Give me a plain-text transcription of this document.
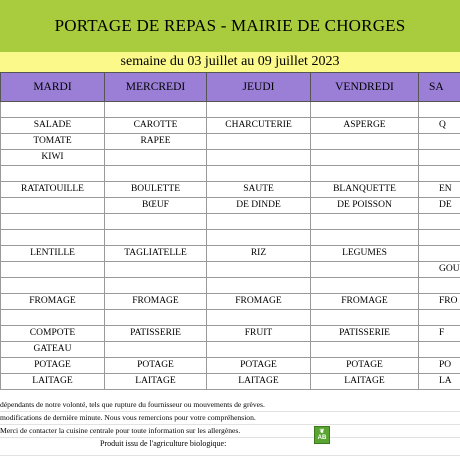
PORTAGE DE REPAS - MAIRIE DE CHORGES
semaine du 03 juillet au 09 juillet 2023
MARDI	MERCREDI	JEUDI	VENDREDI	SA

SALADE	CAROTTE	CHARCUTERIE	ASPERGE	Q
TOMATE	RAPEE			
KIWI				

RATATOUILLE	BOULETTE	SAUTE	BLANQUETTE	EN
	BŒUF	DE DINDE	DE POISSON	DE

LENTILLE	TAGLIATELLE	RIZ	LEGUMES	
				GOU

FROMAGE	FROMAGE	FROMAGE	FROMAGE	FRO

COMPOTE	PATISSERIE	FRUIT	PATISSERIE	F
GATEAU				
POTAGE	POTAGE	POTAGE	POTAGE	PO
LAITAGE	LAITAGE	LAITAGE	LAITAGE	LA
dépendants de notre volonté, tels que rupture du fournisseur ou mouvements de grèves.
modifications de dernière minute. Nous vous remercions pour votre compréhension.
Merci de contacter la cuisine centrale pour toute information sur les allergènes.
Produit issu de l'agriculture biologique:
❦
AB
